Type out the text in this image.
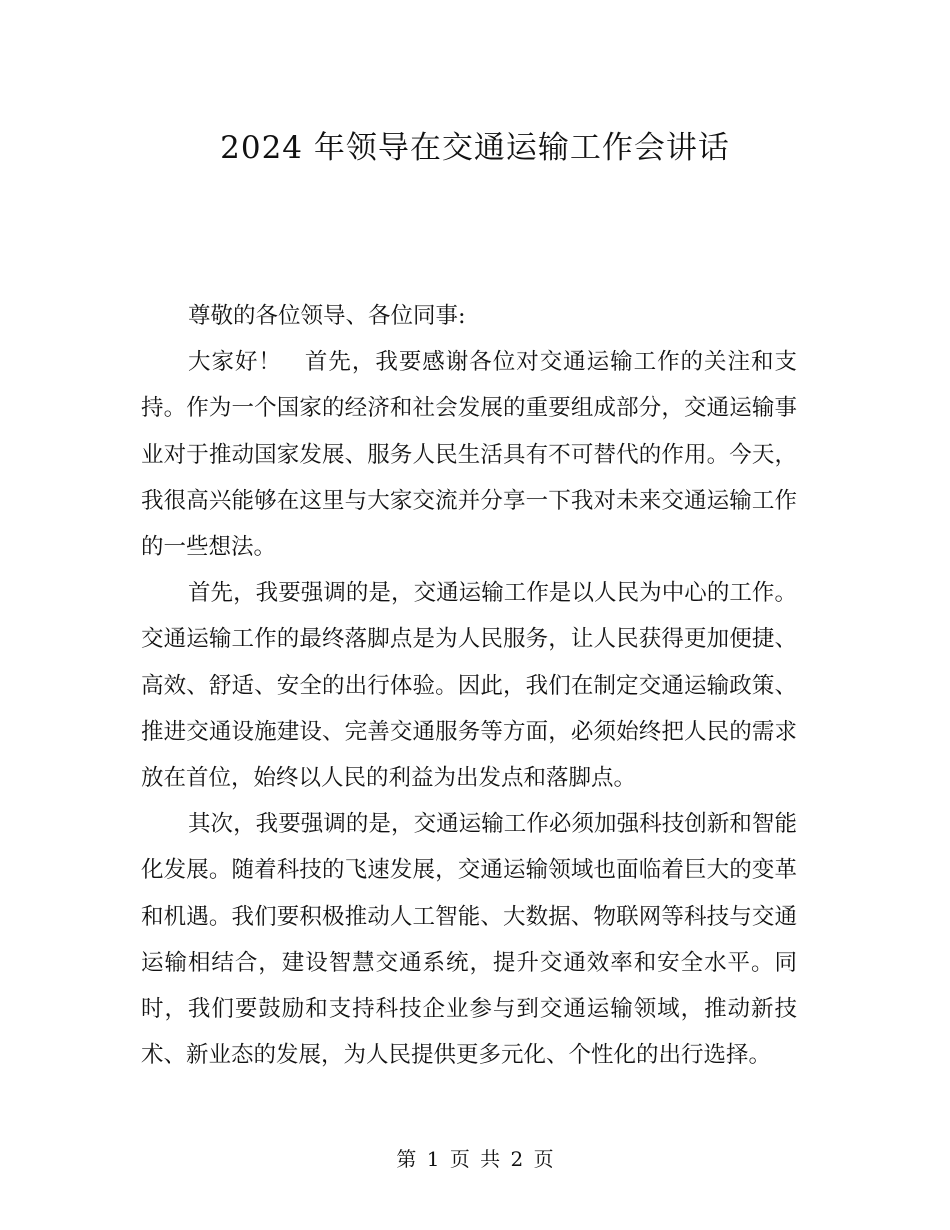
2024 年领导在交通运输工作会讲话

尊敬的各位领导、各位同事:

大家好！ 首先，我要感谢各位对交通运输工作的关注和支持。作为一个国家的经济和社会发展的重要组成部分，交通运输事业对于推动国家发展、服务人民生活具有不可替代的作用。今天，我很高兴能够在这里与大家交流并分享一下我对未来交通运输工作的一些想法。

首先，我要强调的是，交通运输工作是以人民为中心的工作。交通运输工作的最终落脚点是为人民服务，让人民获得更加便捷、高效、舒适、安全的出行体验。因此，我们在制定交通运输政策、推进交通设施建设、完善交通服务等方面，必须始终把人民的需求放在首位，始终以人民的利益为出发点和落脚点。

其次，我要强调的是，交通运输工作必须加强科技创新和智能化发展。随着科技的飞速发展，交通运输领域也面临着巨大的变革和机遇。我们要积极推动人工智能、大数据、物联网等科技与交通运输相结合，建设智慧交通系统，提升交通效率和安全水平。同时，我们要鼓励和支持科技企业参与到交通运输领域，推动新技术、新业态的发展，为人民提供更多元化、个性化的出行选择。

第 1 页 共 2 页
